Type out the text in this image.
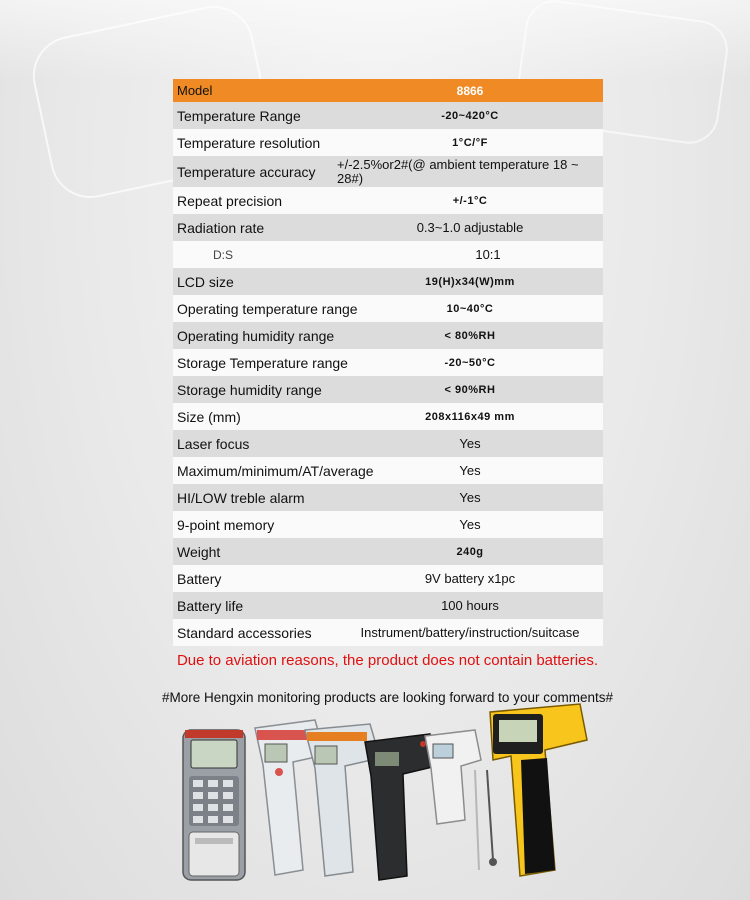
Model	8866
Temperature Range	-20~420°C
Temperature resolution	1°C/°F
Temperature accuracy	+/-2.5%or2#(@ ambient temperature 18 ~ 28#)
Repeat precision	+/-1°C
Radiation rate	0.3~1.0 adjustable
D:S	10:1
LCD size	19(H)x34(W)mm
Operating temperature range	10~40°C
Operating humidity range	< 80%RH
Storage Temperature range	-20~50°C
Storage humidity range	< 90%RH
Size (mm)	208x116x49 mm
Laser focus	Yes
Maximum/minimum/AT/average	Yes
HI/LOW treble alarm	Yes
9-point memory	Yes
Weight	240g
Battery	9V battery x1pc
Battery life	100 hours
Standard accessories	Instrument/battery/instruction/suitcase
Due to aviation reasons, the product does not contain batteries.
#More Hengxin monitoring products are looking forward to your comments#
